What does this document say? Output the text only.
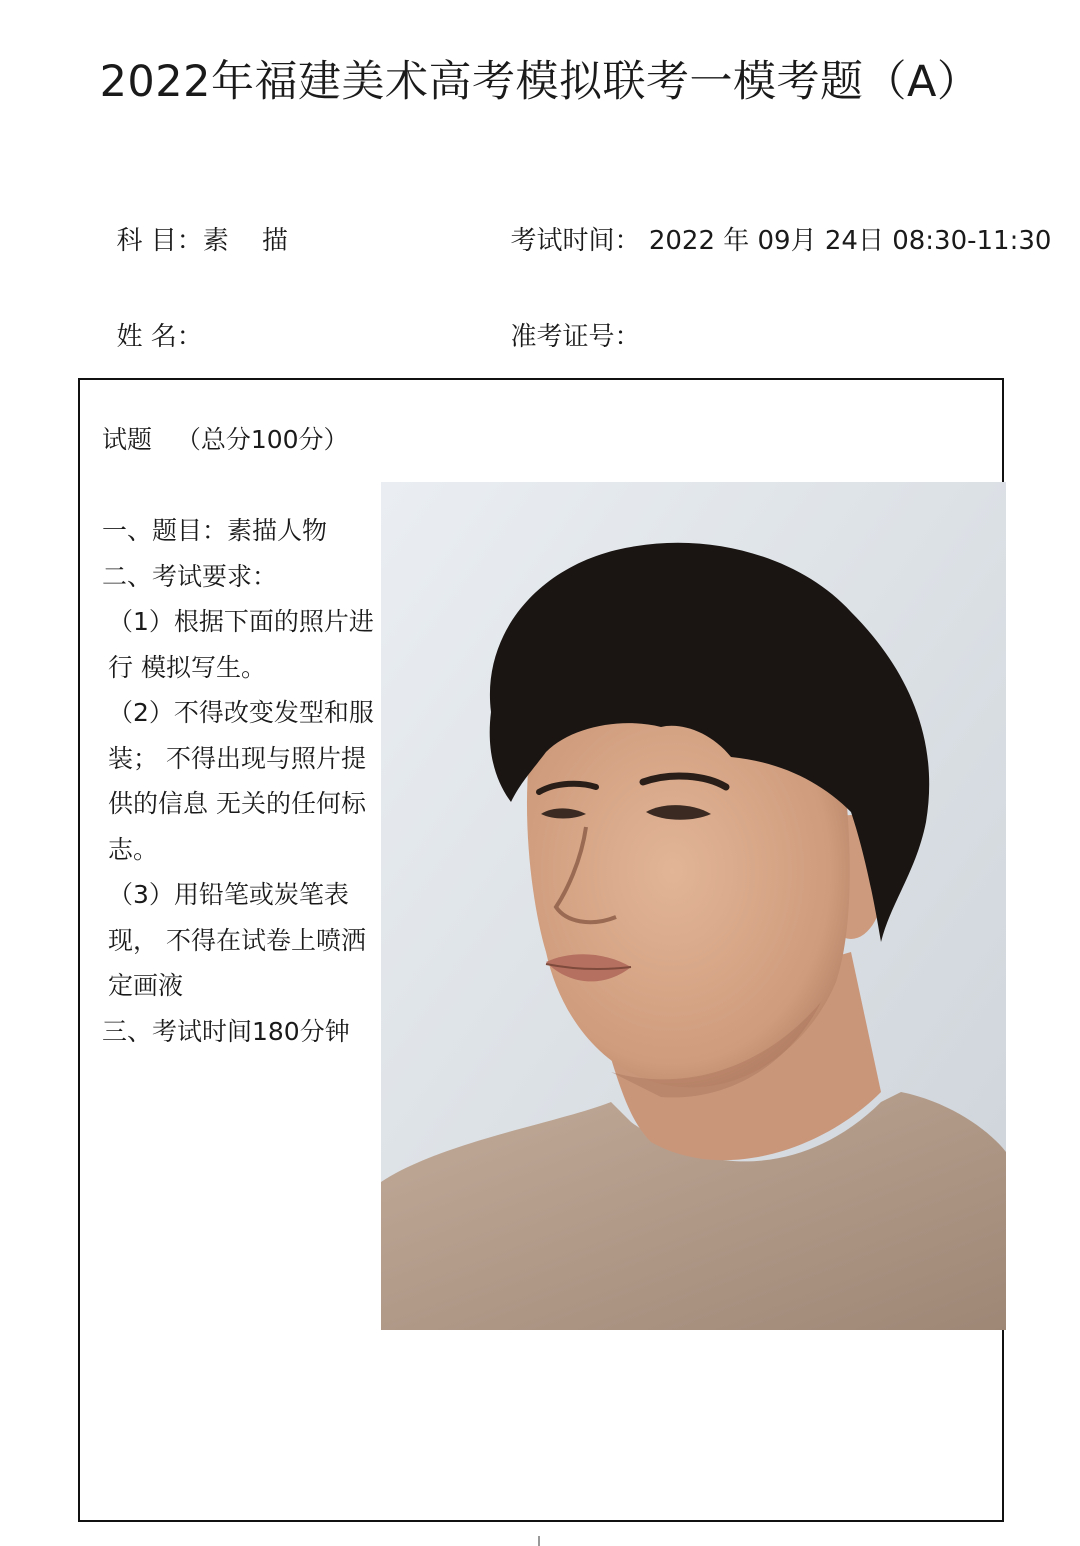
2022年福建美术高考模拟联考一模考题（A）

科 目：素    描	考试时间： 2022 年 09月 24日 08:30-11:30

姓 名：	准考证号：

试题   （总分100分）

一、题目：素描人物

二、考试要求：

（1）根据下面的照片进行 模拟写生。

（2）不得改变发型和服装； 不得出现与照片提供的信息 无关的任何标志。

（3）用铅笔或炭笔表现， 不得在试卷上喷洒定画液

三、考试时间180分钟
